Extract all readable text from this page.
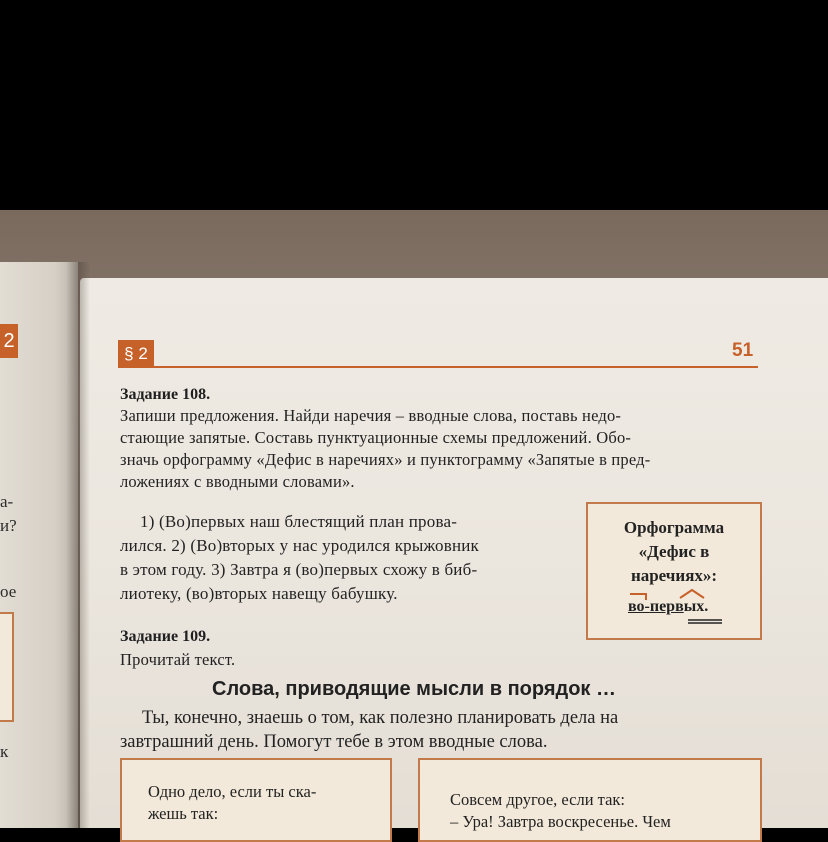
2
а-
и?
ое
к
§ 2	51
Задание 108.
Запиши предложения. Найди наречия – вводные слова, поставь недо-
стающие запятые. Составь пунктуационные схемы предложений. Обо-
значь орфограмму «Дефис в наречиях» и пунктограмму «Запятые в пред-
ложениях с вводными словами».
1) (Во)первых наш блестящий план прова-
лился. 2) (Во)вторых у нас уродился крыжовник
в этом году. 3) Завтра я (во)первых схожу в биб-
лиотеку, (во)вторых навещу бабушку.
Орфограмма
«Дефис в
наречиях»:
во-первых.
Задание 109.
Прочитай текст.
Слова, приводящие мысли в порядок …
Ты, конечно, знаешь о том, как полезно планировать дела на
завтрашний день. Помогут тебе в этом вводные слова.
Одно дело, если ты ска-
жешь так:
Совсем другое, если так:
– Ура! Завтра воскресенье. Чем
